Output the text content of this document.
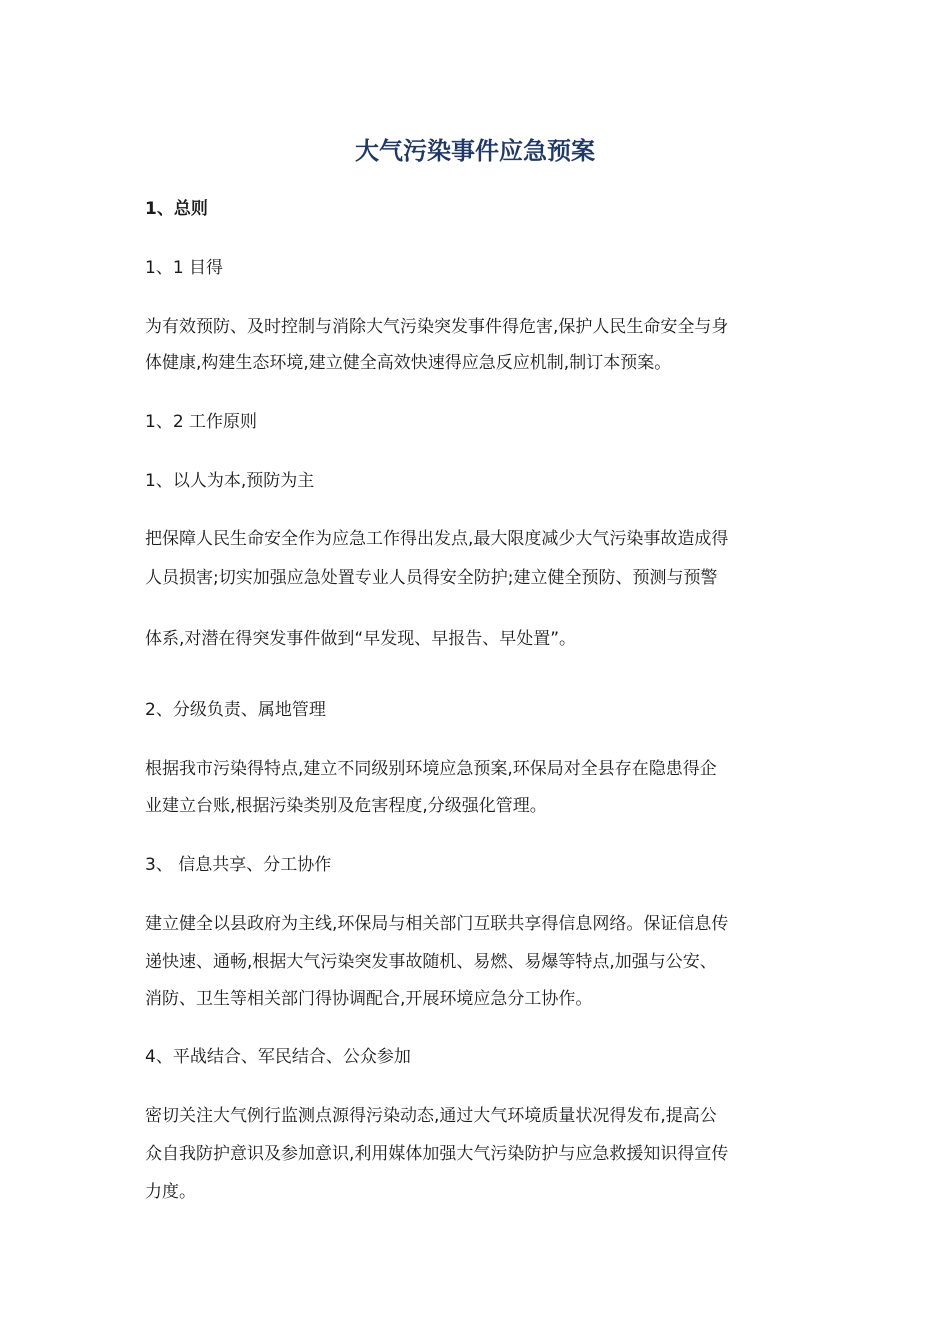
大气污染事件应急预案
1、总则
1、1 目得
为有效预防、及时控制与消除大气污染突发事件得危害,保护人民生命安全与身
体健康,构建生态环境,建立健全高效快速得应急反应机制,制订本预案。
1、2 工作原则
1、以人为本,预防为主
把保障人民生命安全作为应急工作得出发点,最大限度减少大气污染事故造成得
人员损害;切实加强应急处置专业人员得安全防护;建立健全预防、预测与预警
体系,对潜在得突发事件做到“早发现、早报告、早处置”。
2、分级负责、属地管理
根据我市污染得特点,建立不同级别环境应急预案,环保局对全县存在隐患得企
业建立台账,根据污染类别及危害程度,分级强化管理。
3、 信息共享、分工协作
建立健全以县政府为主线,环保局与相关部门互联共享得信息网络。保证信息传
递快速、通畅,根据大气污染突发事故随机、易燃、易爆等特点,加强与公安、
消防、卫生等相关部门得协调配合,开展环境应急分工协作。
4、平战结合、军民结合、公众参加
密切关注大气例行监测点源得污染动态,通过大气环境质量状况得发布,提高公
众自我防护意识及参加意识,利用媒体加强大气污染防护与应急救援知识得宣传
力度。
